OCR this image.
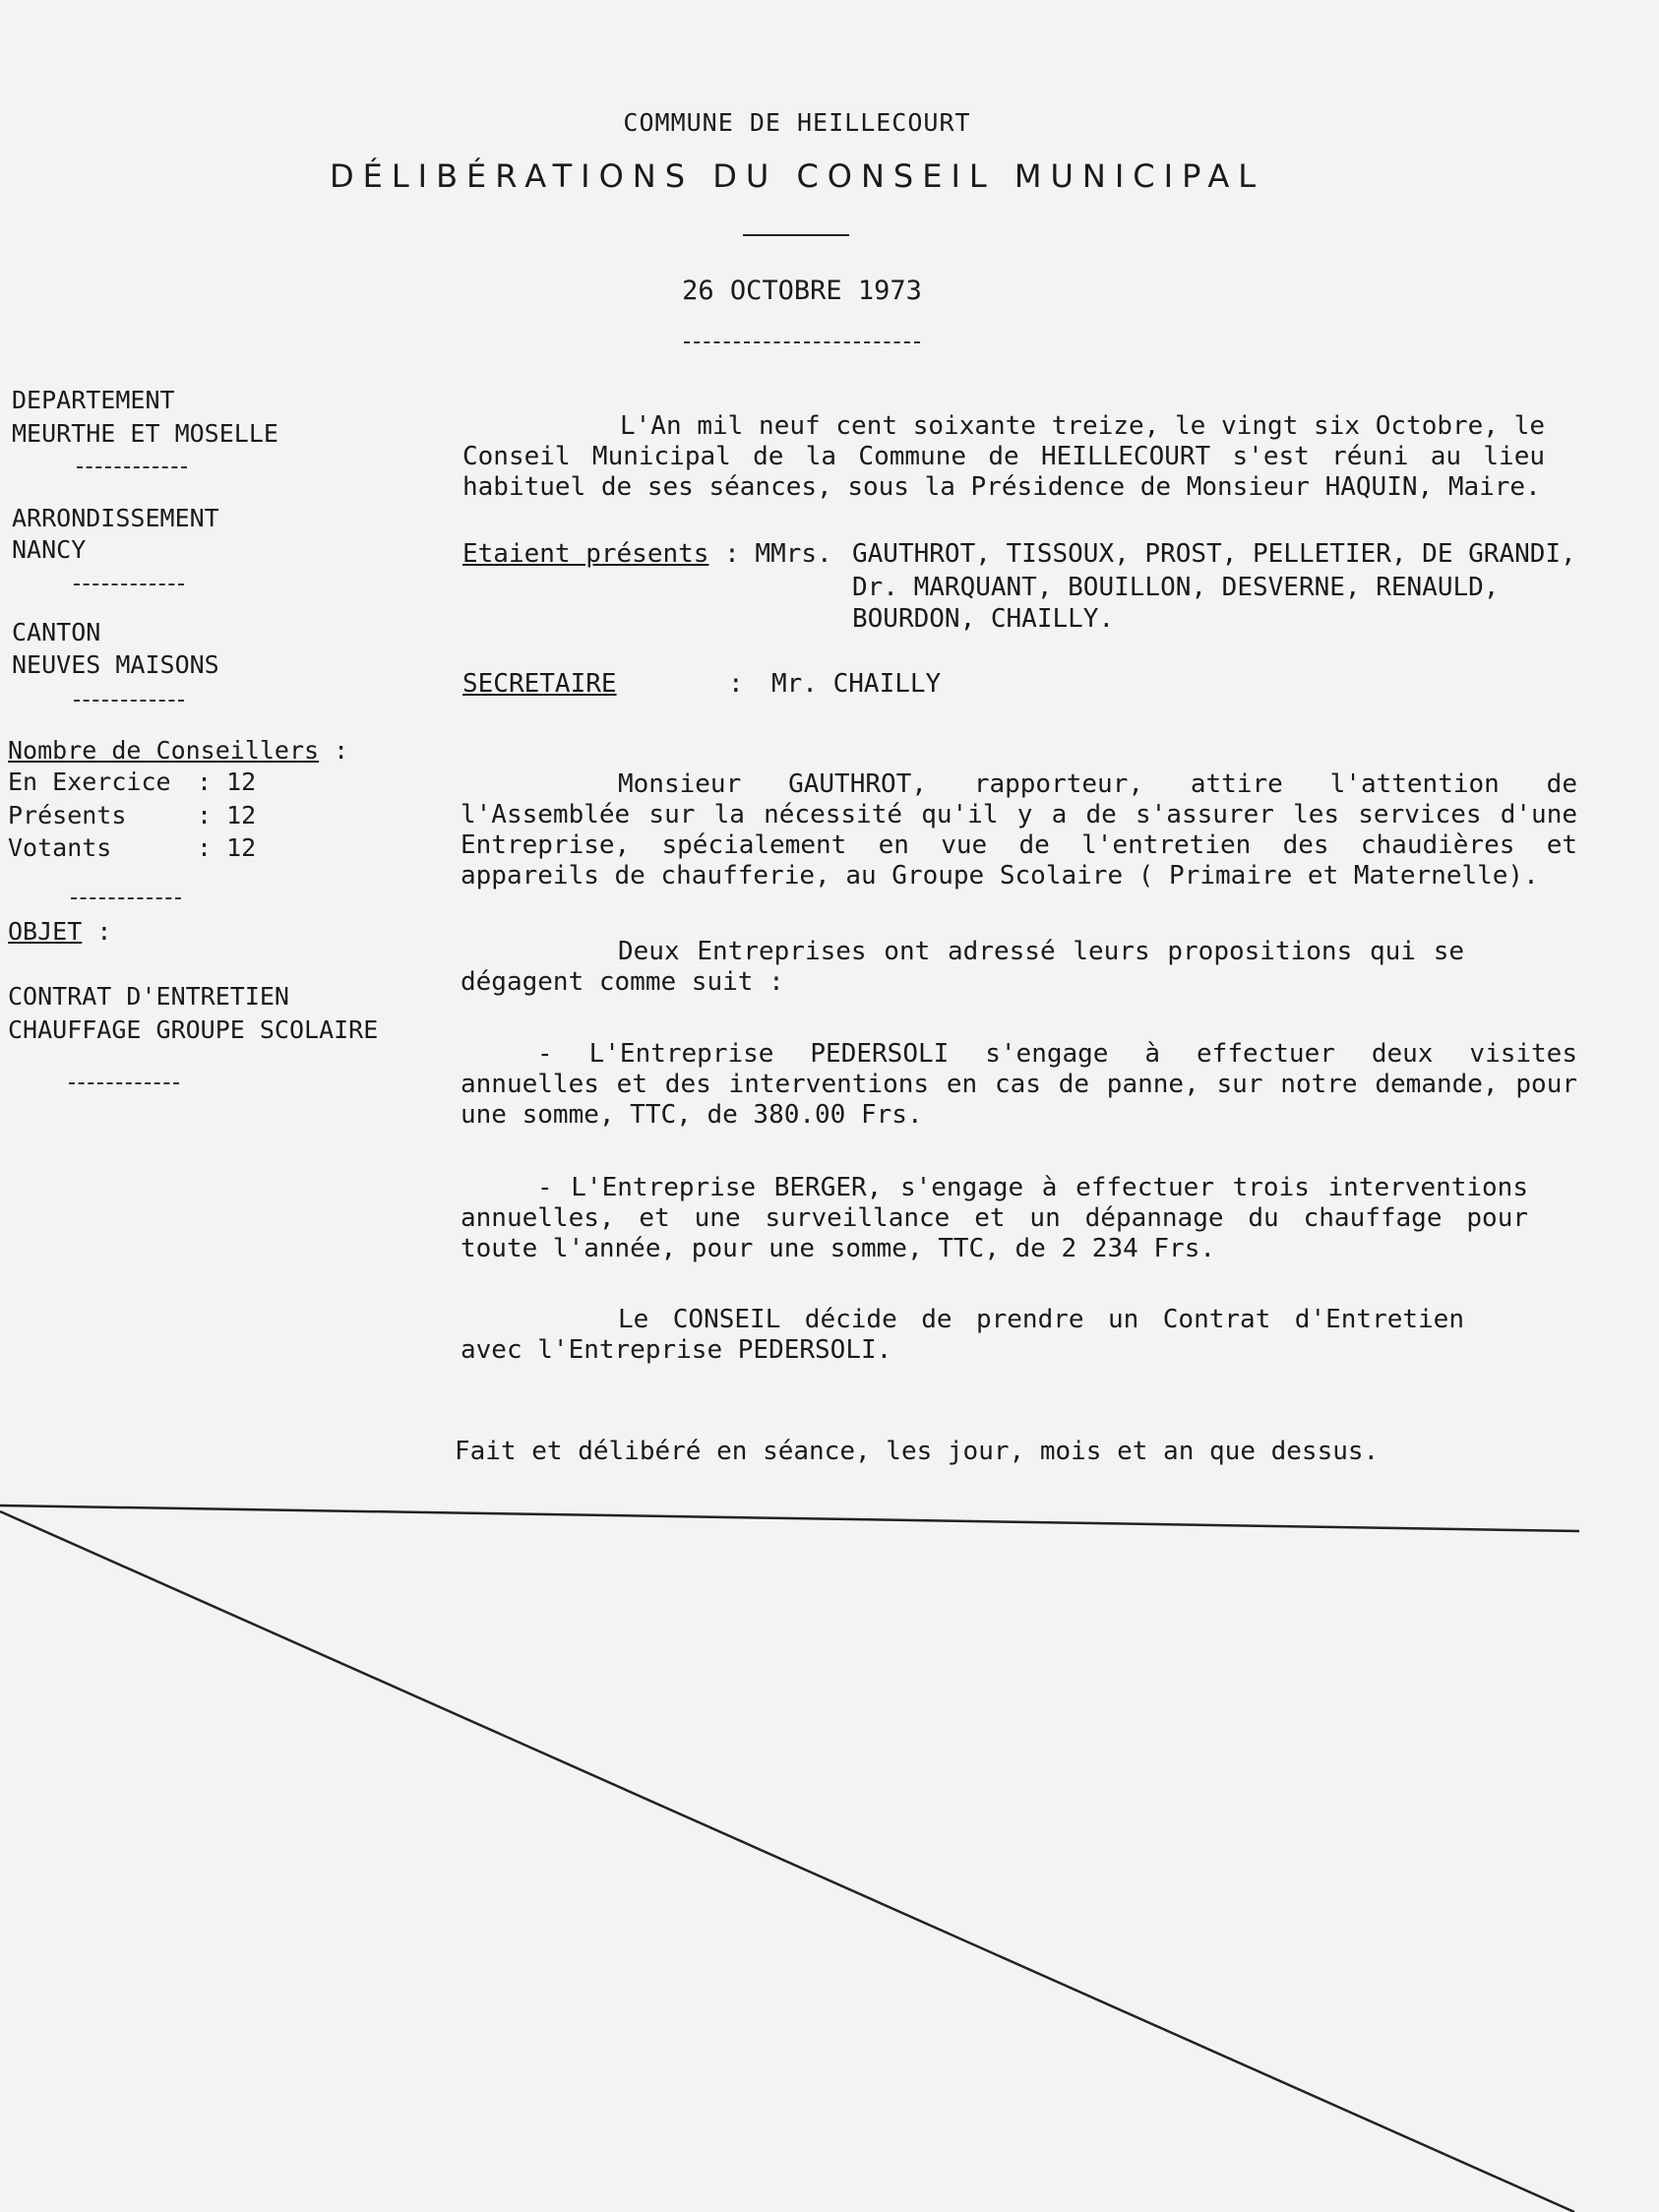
COMMUNE DE HEILLECOURT
DÉLIBÉRATIONS DU CONSEIL MUNICIPAL
26 OCTOBRE 1973
DEPARTEMENT
MEURTHE ET MOSELLE
ARRONDISSEMENT
NANCY
CANTON
NEUVES MAISONS
Nombre de Conseillers :
En Exercice : 12
Présents	: 12
Votants	: 12
OBJET :
CONTRAT D'ENTRETIEN
CHAUFFAGE GROUPE SCOLAIRE
L'An mil neuf cent soixante treize, le vingt six Octobre, le Conseil Municipal de la Commune de HEILLECOURT s'est réuni au lieu habituel de ses séances, sous la Présidence de Monsieur HAQUIN, Maire.
Etaient présents : MMrs. GAUTHROT, TISSOUX, PROST, PELLETIER, DE GRANDI,
Dr. MARQUANT, BOUILLON, DESVERNE, RENAULD,
BOURDON, CHAILLY.
SECRETAIRE	: Mr. CHAILLY
Monsieur GAUTHROT, rapporteur, attire l'attention de l'Assemblée sur la nécessité qu'il y a de s'assurer les services d'une Entreprise, spécialement en vue de l'entretien des chaudières et appareils de chaufferie, au Groupe Scolaire ( Primaire et Maternelle).
Deux Entreprises ont adressé leurs propositions qui se dégagent comme suit :
- L'Entreprise PEDERSOLI s'engage à effectuer deux visites annuelles et des interventions en cas de panne, sur notre demande, pour une somme, TTC, de 380.00 Frs.
- L'Entreprise BERGER, s'engage à effectuer trois interventions annuelles, et une surveillance et un dépannage du chauffage pour toute l'année, pour une somme, TTC, de 2 234 Frs.
Le CONSEIL décide de prendre un Contrat d'Entretien avec l'Entreprise PEDERSOLI.
Fait et délibéré en séance, les jour, mois et an que dessus.
